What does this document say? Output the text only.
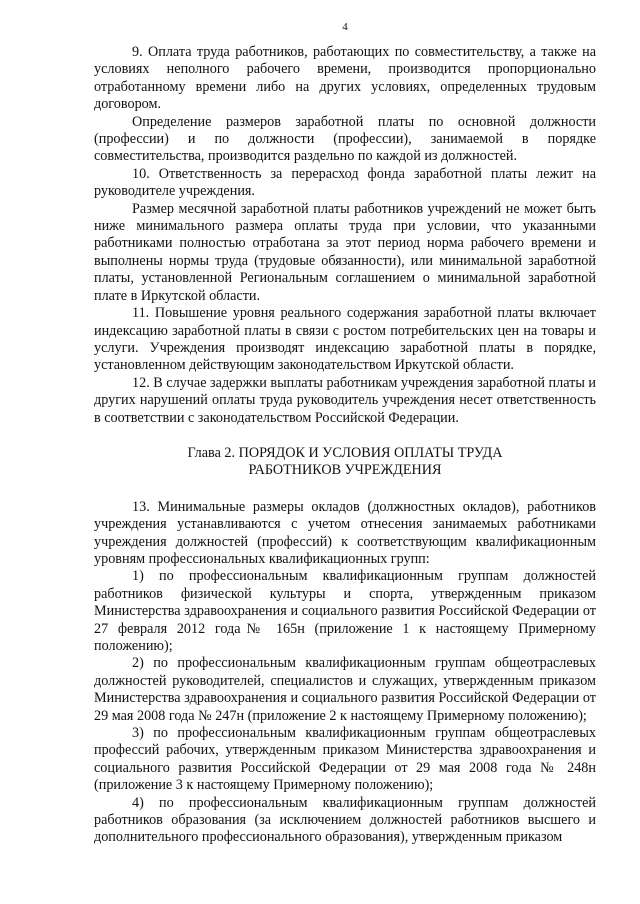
4

9. Оплата труда работников, работающих по совместительству, а также на условиях неполного рабочего времени, производится пропорционально отработанному времени либо на других условиях, определенных трудовым договором.

Определение размеров заработной платы по основной должности (профессии) и по должности (профессии), занимаемой в порядке совместительства, производится раздельно по каждой из должностей.

10. Ответственность за перерасход фонда заработной платы лежит на руководителе учреждения.

Размер месячной заработной платы работников учреждений не может быть ниже минимального размера оплаты труда при условии, что указанными работниками полностью отработана за этот период норма рабочего времени и выполнены нормы труда (трудовые обязанности), или минимальной заработной платы, установленной Региональным соглашением о минимальной заработной плате в Иркутской области.

11. Повышение уровня реального содержания заработной платы включает индексацию заработной платы в связи с ростом потребительских цен на товары и услуги. Учреждения производят индексацию заработной платы в порядке, установленном действующим законодательством Иркутской области.

12. В случае задержки выплаты работникам учреждения заработной платы и других нарушений оплаты труда руководитель учреждения несет ответственность в соответствии с законодательством Российской Федерации.

Глава 2. ПОРЯДОК И УСЛОВИЯ ОПЛАТЫ ТРУДА
РАБОТНИКОВ УЧРЕЖДЕНИЯ

13. Минимальные размеры окладов (должностных окладов), работников учреждения устанавливаются с учетом отнесения занимаемых работниками учреждения должностей (профессий) к соответствующим квалификационным уровням профессиональных квалификационных групп:

1) по профессиональным квалификационным группам должностей работников физической культуры и спорта, утвержденным приказом Министерства здравоохранения и социального развития Российской Федерации от 27 февраля 2012 года№ 165н (приложение 1 к настоящему Примерному положению);

2) по профессиональным квалификационным группам общеотраслевых должностей руководителей, специалистов и служащих, утвержденным приказом Министерства здравоохранения и социального развития Российской Федерации от 29 мая 2008 года № 247н (приложение 2 к настоящему Примерному положению);

3) по профессиональным квалификационным группам общеотраслевых профессий рабочих, утвержденным приказом Министерства здравоохранения и социального развития Российской Федерации от 29 мая 2008 года № 248н (приложение 3 к настоящему Примерному положению);

4) по профессиональным квалификационным группам должностей работников образования (за исключением должностей работников высшего и дополнительного профессионального образования), утвержденным приказом
